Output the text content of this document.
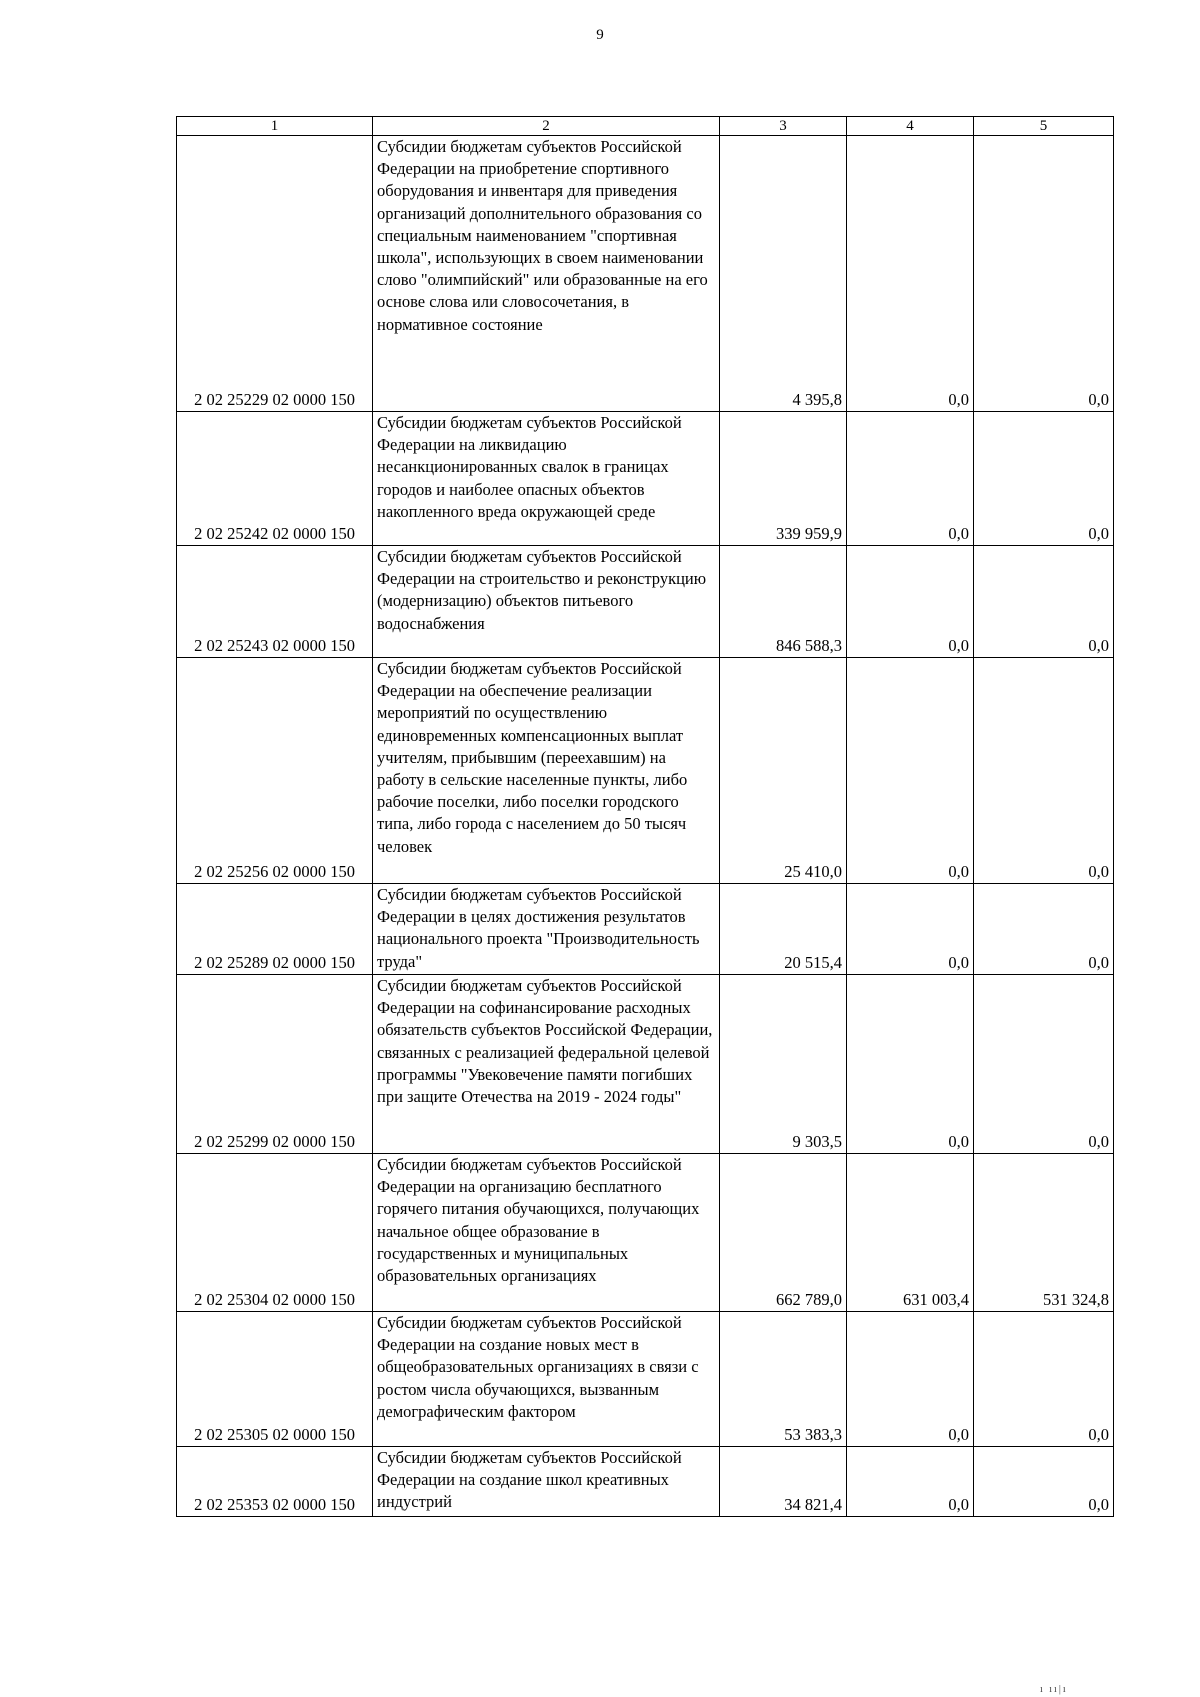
9
1	2	3	4	5
2 02 25229 02 0000 150	Субсидии бюджетам субъектов Российской Федерации на приобретение спортивного оборудования и инвентаря для приведения организаций дополнительного образования со специальным наименованием "спортивная школа", использующих в своем наименовании слово "олимпийский" или образованные на его основе слова или словосочетания, в нормативное состояние	4 395,8	0,0	0,0
2 02 25242 02 0000 150	Субсидии бюджетам субъектов Российской Федерации на ликвидацию несанкционированных свалок в границах городов и наиболее опасных объектов накопленного вреда окружающей среде	339 959,9	0,0	0,0
2 02 25243 02 0000 150	Субсидии бюджетам субъектов Российской Федерации на строительство и реконструкцию (модернизацию) объектов питьевого водоснабжения	846 588,3	0,0	0,0
2 02 25256 02 0000 150	Субсидии бюджетам субъектов Российской Федерации на обеспечение реализации мероприятий по осуществлению единовременных компенсационных выплат учителям, прибывшим (переехавшим) на работу в сельские населенные пункты, либо рабочие поселки, либо поселки городского типа, либо города с населением до 50 тысяч человек	25 410,0	0,0	0,0
2 02 25289 02 0000 150	Субсидии бюджетам субъектов Российской Федерации в целях достижения результатов национального проекта "Производительность труда"	20 515,4	0,0	0,0
2 02 25299 02 0000 150	Субсидии бюджетам субъектов Российской Федерации на софинансирование расходных обязательств субъектов Российской Федерации, связанных с реализацией федеральной целевой программы "Увековечение памяти погибших при защите Отечества на 2019 - 2024 годы"	9 303,5	0,0	0,0
2 02 25304 02 0000 150	Субсидии бюджетам субъектов Российской Федерации на организацию бесплатного горячего питания обучающихся, получающих начальное общее образование в государственных и муниципальных образовательных организациях	662 789,0	631 003,4	531 324,8
2 02 25305 02 0000 150	Субсидии бюджетам субъектов Российской Федерации на создание новых мест в общеобразовательных организациях в связи с ростом числа обучающихся, вызванным демографическим фактором	53 383,3	0,0	0,0
2 02 25353 02 0000 150	Субсидии бюджетам субъектов Российской Федерации на создание школ креативных индустрий	34 821,4	0,0	0,0
ı ıı|ı
